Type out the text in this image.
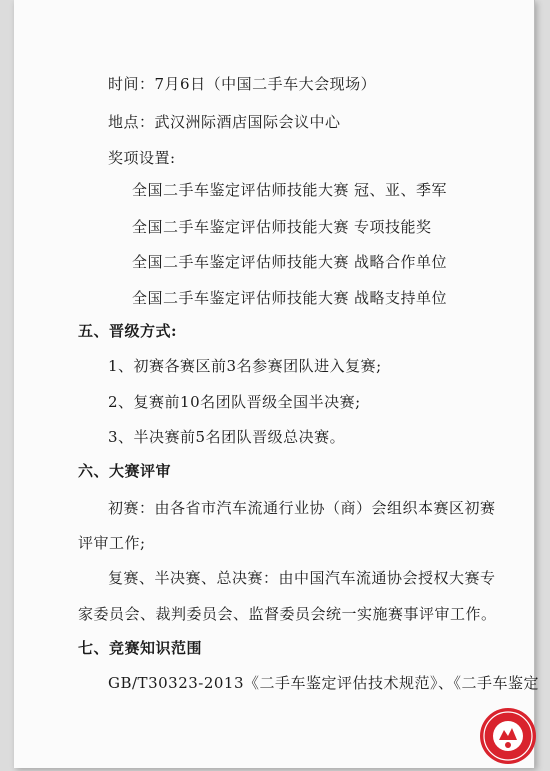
时间：7月6日（中国二手车大会现场）
地点：武汉洲际酒店国际会议中心
奖项设置:
全国二手车鉴定评估师技能大赛 冠、亚、季军
全国二手车鉴定评估师技能大赛 专项技能奖
全国二手车鉴定评估师技能大赛 战略合作单位
全国二手车鉴定评估师技能大赛 战略支持单位
五、晋级方式:
1、初赛各赛区前3名参赛团队进入复赛;
2、复赛前10名团队晋级全国半决赛;
3、半决赛前5名团队晋级总决赛。
六、大赛评审
初赛：由各省市汽车流通行业协（商）会组织本赛区初赛
评审工作;
复赛、半决赛、总决赛：由中国汽车流通协会授权大赛专
家委员会、裁判委员会、监督委员会统一实施赛事评审工作。
七、竞赛知识范围
GB/T30323-2013《二手车鉴定评估技术规范》、《二手车鉴定
